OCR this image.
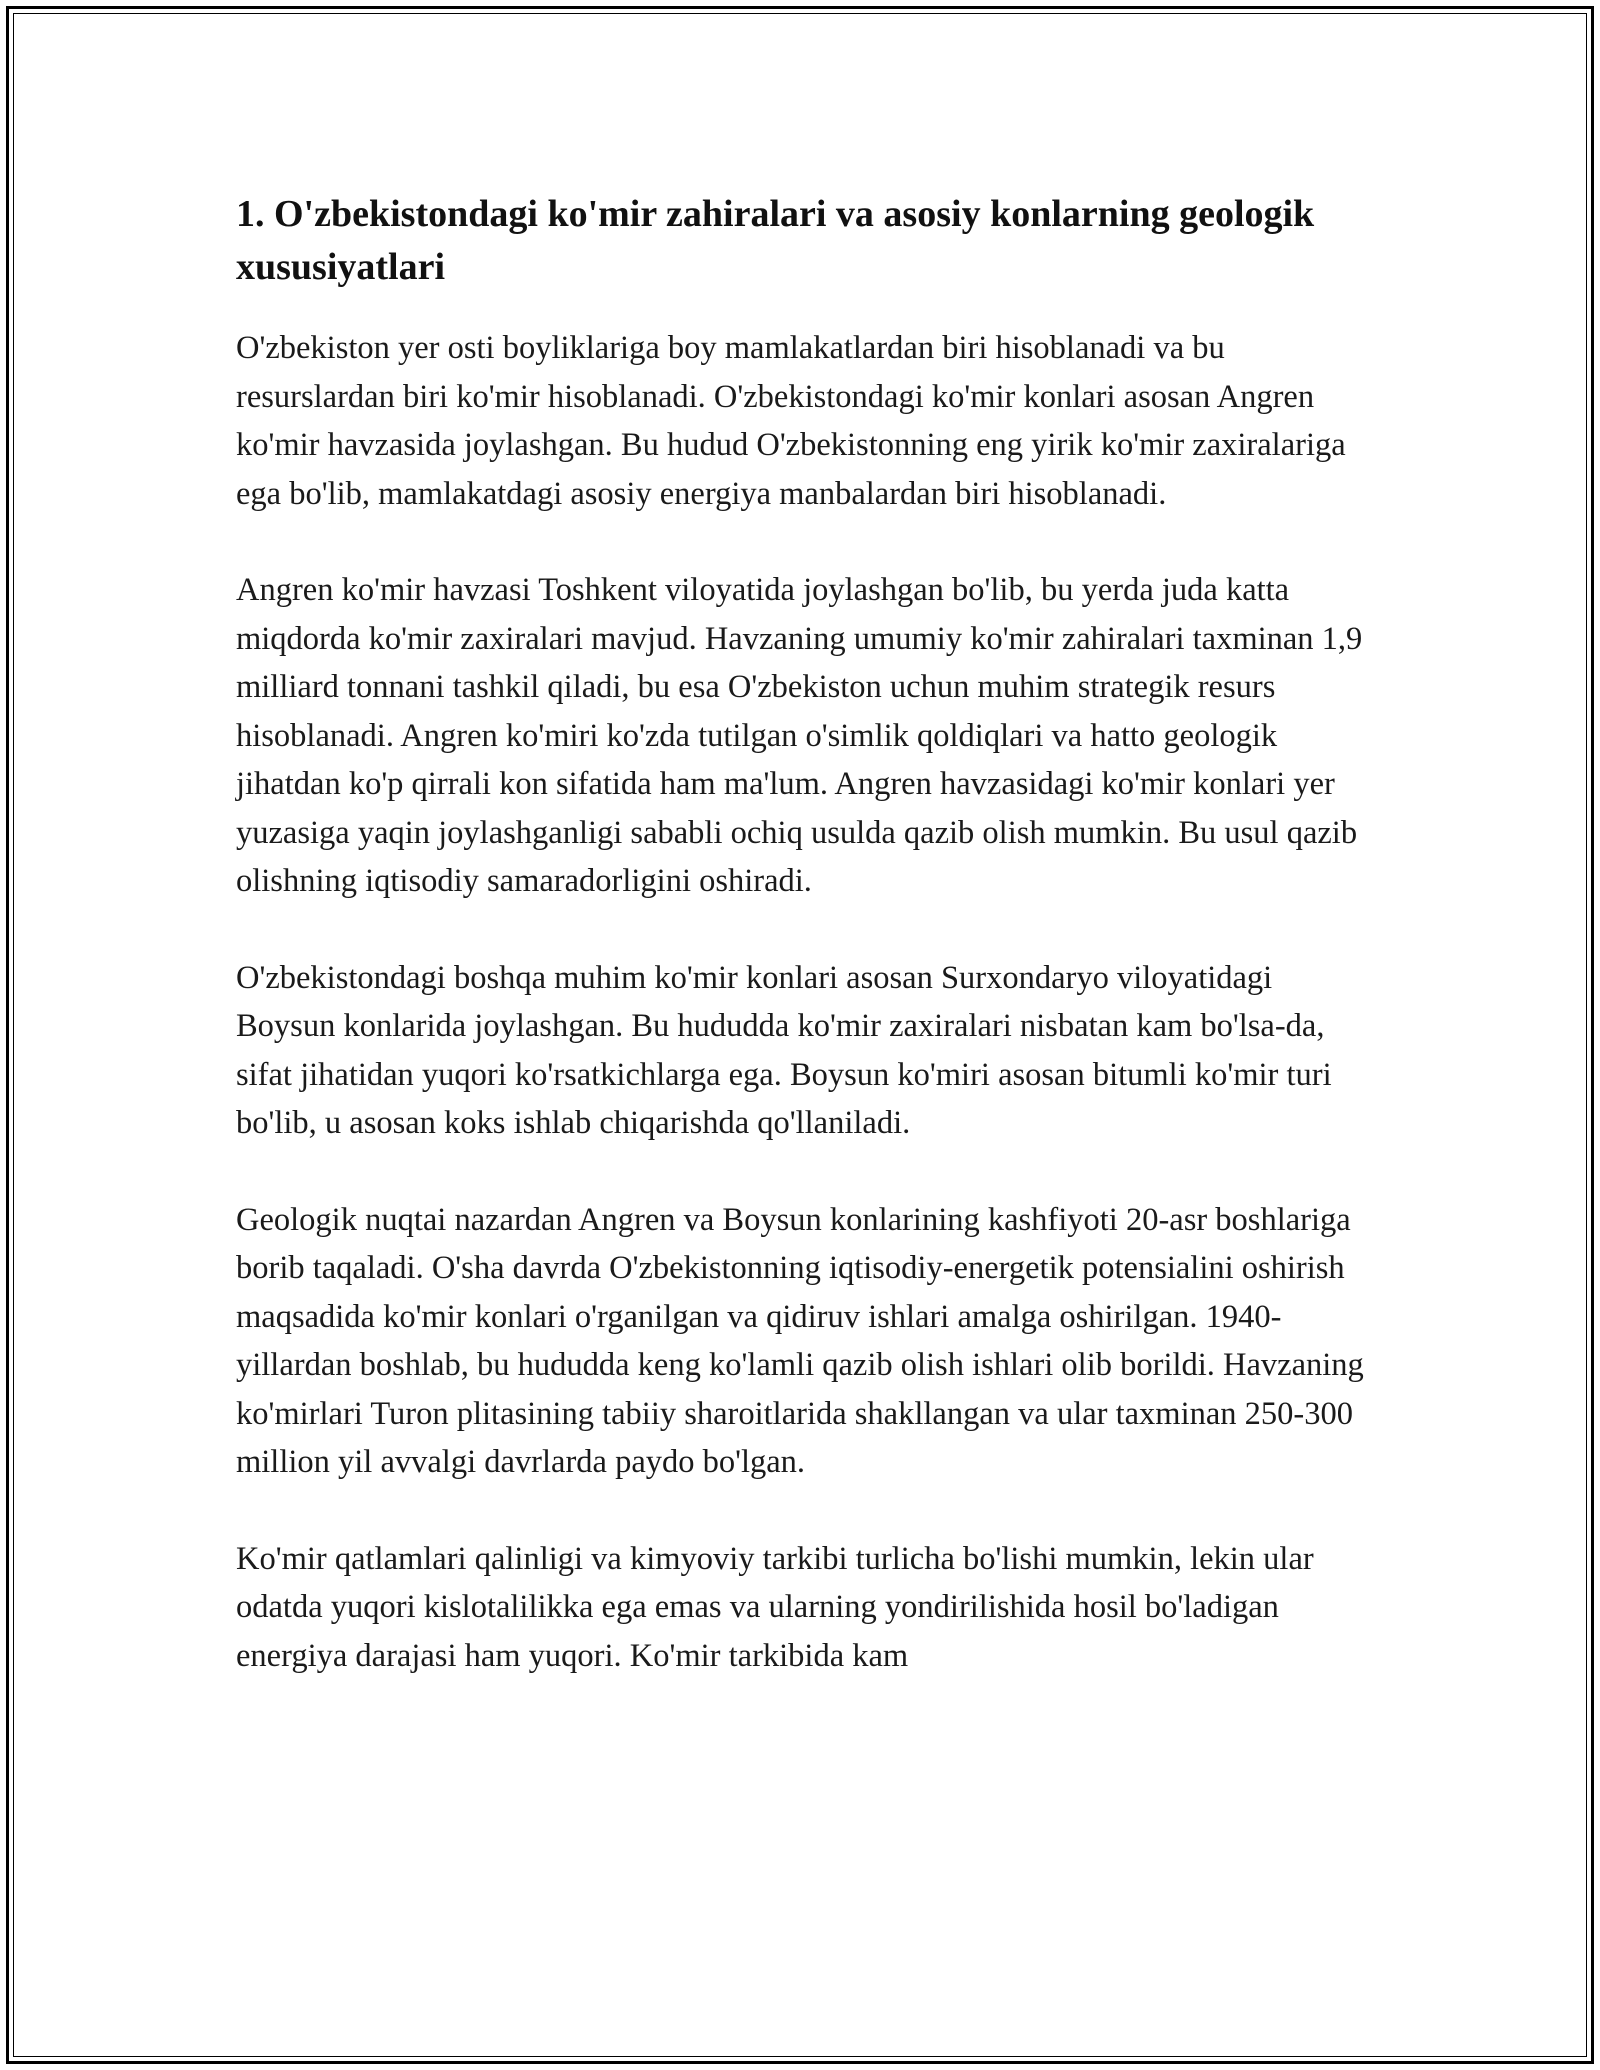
1. O'zbekistondagi ko'mir zahiralari va asosiy konlarning geologik xususiyatlari

O'zbekiston yer osti boyliklariga boy mamlakatlardan biri hisoblanadi va bu resurslardan biri ko'mir hisoblanadi. O'zbekistondagi ko'mir konlari asosan Angren ko'mir havzasida joylashgan. Bu hudud O'zbekistonning eng yirik ko'mir zaxiralariga ega bo'lib, mamlakatdagi asosiy energiya manbalardan biri hisoblanadi.

Angren ko'mir havzasi Toshkent viloyatida joylashgan bo'lib, bu yerda juda katta miqdorda ko'mir zaxiralari mavjud. Havzaning umumiy ko'mir zahiralari taxminan 1,9 milliard tonnani tashkil qiladi, bu esa O'zbekiston uchun muhim strategik resurs hisoblanadi. Angren ko'miri ko'zda tutilgan o'simlik qoldiqlari va hatto geologik jihatdan ko'p qirrali kon sifatida ham ma'lum. Angren havzasidagi ko'mir konlari yer yuzasiga yaqin joylashganligi sababli ochiq usulda qazib olish mumkin. Bu usul qazib olishning iqtisodiy samaradorligini oshiradi.

O'zbekistondagi boshqa muhim ko'mir konlari asosan Surxondaryo viloyatidagi Boysun konlarida joylashgan. Bu hududda ko'mir zaxiralari nisbatan kam bo'lsa-da, sifat jihatidan yuqori ko'rsatkichlarga ega. Boysun ko'miri asosan bitumli ko'mir turi bo'lib, u asosan koks ishlab chiqarishda qo'llaniladi.

Geologik nuqtai nazardan Angren va Boysun konlarining kashfiyoti 20-asr boshlariga borib taqaladi. O'sha davrda O'zbekistonning iqtisodiy-energetik potensialini oshirish maqsadida ko'mir konlari o'rganilgan va qidiruv ishlari amalga oshirilgan. 1940-yillardan boshlab, bu hududda keng ko'lamli qazib olish ishlari olib borildi. Havzaning ko'mirlari Turon plitasining tabiiy sharoitlarida shakllangan va ular taxminan 250-300 million yil avvalgi davrlarda paydo bo'lgan.

Ko'mir qatlamlari qalinligi va kimyoviy tarkibi turlicha bo'lishi mumkin, lekin ular odatda yuqori kislotalilikka ega emas va ularning yondirilishida hosil bo'ladigan energiya darajasi ham yuqori. Ko'mir tarkibida kam
